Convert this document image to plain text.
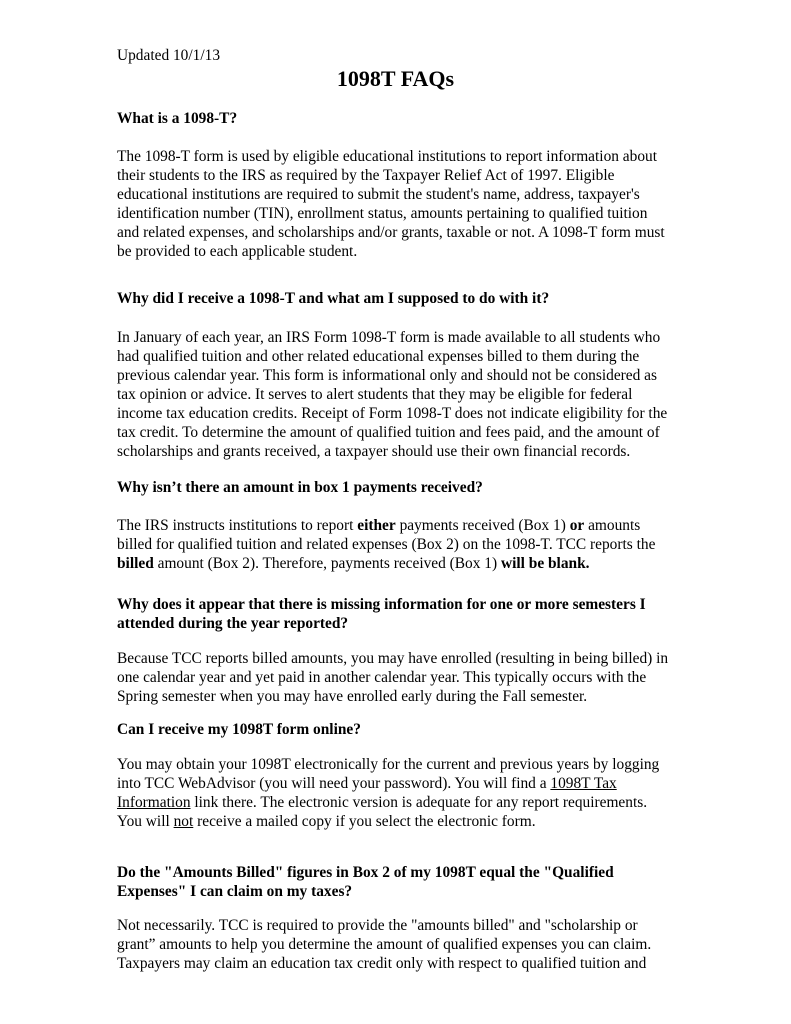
Updated 10/1/13
1098T FAQs
What is a 1098-T?
The 1098-T form is used by eligible educational institutions to report information about
their students to the IRS as required by the Taxpayer Relief Act of 1997. Eligible
educational institutions are required to submit the student's name, address, taxpayer's
identification number (TIN), enrollment status, amounts pertaining to qualified tuition
and related expenses, and scholarships and/or grants, taxable or not. A 1098-T form must
be provided to each applicable student.
Why did I receive a 1098-T and what am I supposed to do with it?
In January of each year, an IRS Form 1098-T form is made available to all students who
had qualified tuition and other related educational expenses billed to them during the
previous calendar year. This form is informational only and should not be considered as
tax opinion or advice. It serves to alert students that they may be eligible for federal
income tax education credits. Receipt of Form 1098-T does not indicate eligibility for the
tax credit. To determine the amount of qualified tuition and fees paid, and the amount of
scholarships and grants received, a taxpayer should use their own financial records.
Why isn’t there an amount in box 1 payments received?
The IRS instructs institutions to report either payments received (Box 1) or amounts
billed for qualified tuition and related expenses (Box 2) on the 1098-T. TCC reports the
billed amount (Box 2). Therefore, payments received (Box 1) will be blank.
Why does it appear that there is missing information for one or more semesters I
attended during the year reported?
Because TCC reports billed amounts, you may have enrolled (resulting in being billed) in
one calendar year and yet paid in another calendar year. This typically occurs with the
Spring semester when you may have enrolled early during the Fall semester.
Can I receive my 1098T form online?
You may obtain your 1098T electronically for the current and previous years by logging
into TCC WebAdvisor (you will need your password). You will find a 1098T Tax
Information link there. The electronic version is adequate for any report requirements.
You will not receive a mailed copy if you select the electronic form.
Do the "Amounts Billed" figures in Box 2 of my 1098T equal the "Qualified
Expenses" I can claim on my taxes?
Not necessarily. TCC is required to provide the "amounts billed" and "scholarship or
grant” amounts to help you determine the amount of qualified expenses you can claim.
Taxpayers may claim an education tax credit only with respect to qualified tuition and
